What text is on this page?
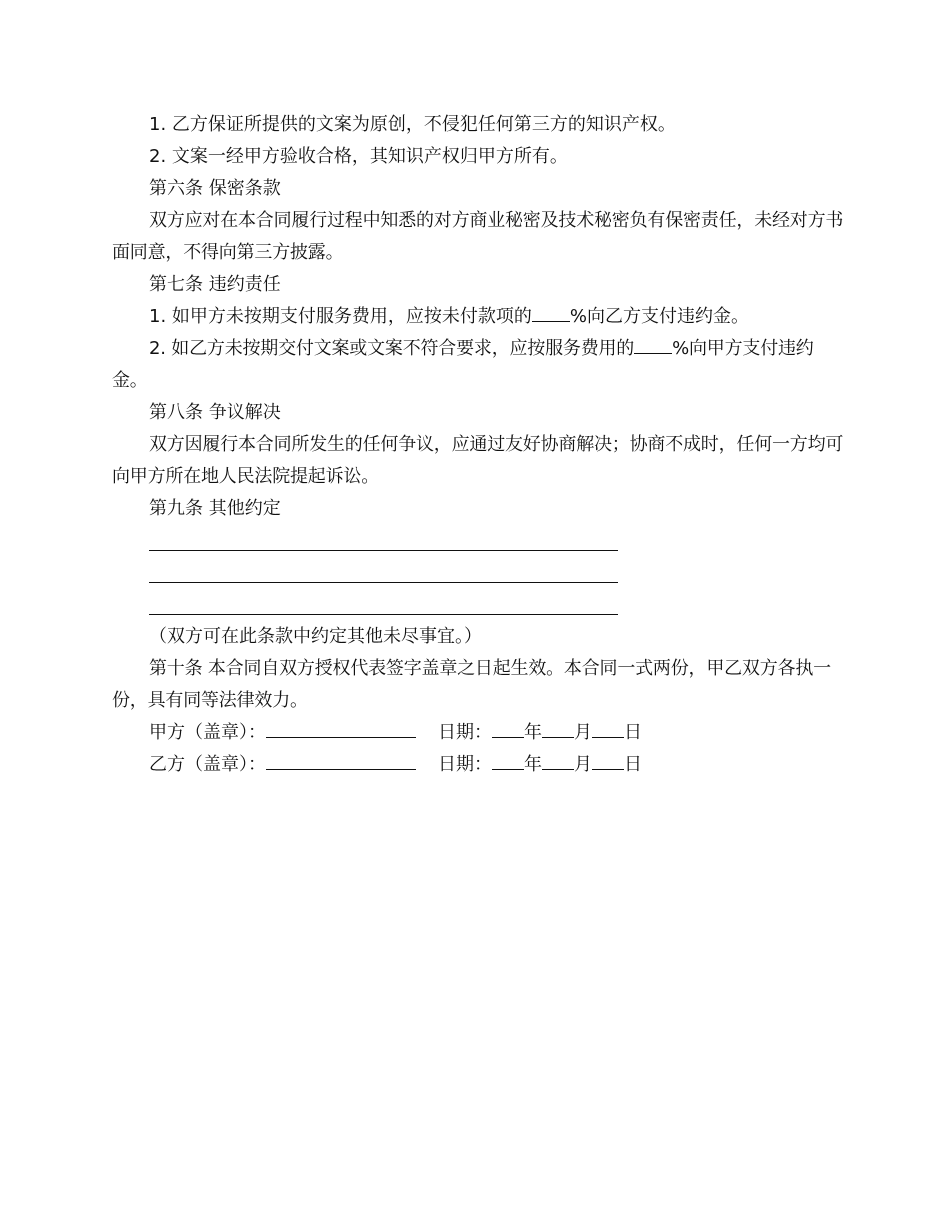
1. 乙方保证所提供的文案为原创，不侵犯任何第三方的知识产权。

2. 文案一经甲方验收合格，其知识产权归甲方所有。

第六条 保密条款

双方应对在本合同履行过程中知悉的对方商业秘密及技术秘密负有保密责任，未经对方书面同意，不得向第三方披露。

第七条 违约责任

1. 如甲方未按期支付服务费用，应按未付款项的 %向乙方支付违约金。

2. 如乙方未按期交付文案或文案不符合要求，应按服务费用的 %向甲方支付违约金。

第八条 争议解决

双方因履行本合同所发生的任何争议，应通过友好协商解决；协商不成时，任何一方均可向甲方所在地人民法院提起诉讼。

第九条 其他约定

（双方可在此条款中约定其他未尽事宜。）

第十条 本合同自双方授权代表签字盖章之日起生效。本合同一式两份，甲乙双方各执一份，具有同等法律效力。

甲方（盖章）：	日期： 年 月 日
乙方（盖章）：	日期： 年 月 日
